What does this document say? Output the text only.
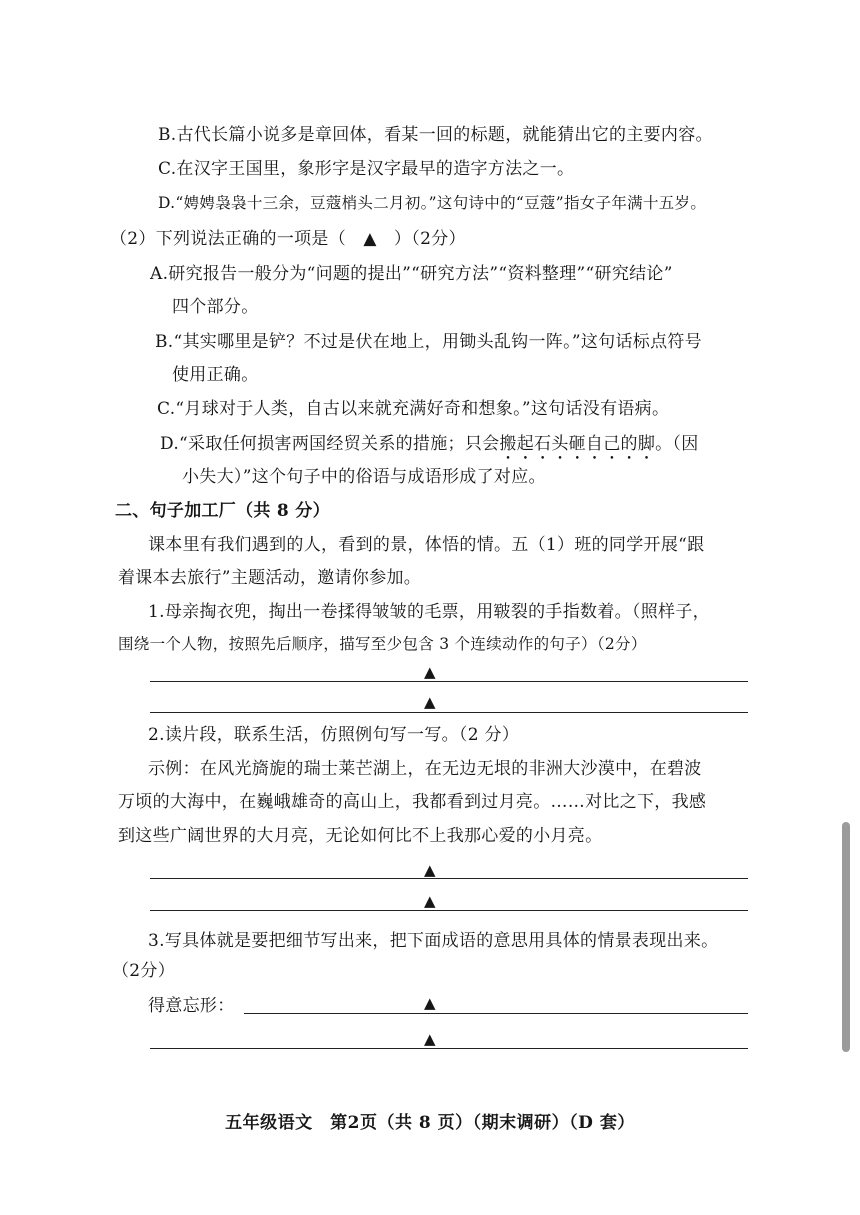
B.古代长篇小说多是章回体，看某一回的标题，就能猜出它的主要内容。
C.在汉字王国里，象形字是汉字最早的造字方法之一。
D.“娉娉袅袅十三余，豆蔻梢头二月初。”这句诗中的“豆蔻”指女子年满十五岁。
（2）下列说法正确的一项是（　▲　）（2分）
A.研究报告一般分为“问题的提出”“研究方法”“资料整理”“研究结论”
四个部分。
B.“其实哪里是铲？不过是伏在地上，用锄头乱钩一阵。”这句话标点符号
使用正确。
C.“月球对于人类，自古以来就充满好奇和想象。”这句话没有语病。
D.“采取任何损害两国经贸关系的措施；只会搬起石头砸自己的脚。（因
小失大）”这个句子中的俗语与成语形成了对应。
二、句子加工厂（共 8 分）
课本里有我们遇到的人，看到的景，体悟的情。五（1）班的同学开展“跟
着课本去旅行”主题活动，邀请你参加。
1.母亲掏衣兜，掏出一卷揉得皱皱的毛票，用皲裂的手指数着。（照样子，
围绕一个人物，按照先后顺序，描写至少包含 3 个连续动作的句子）（2分）
▲
▲
2.读片段，联系生活，仿照例句写一写。（2 分）
示例：在风光旖旎的瑞士莱芒湖上，在无边无垠的非洲大沙漠中，在碧波
万顷的大海中，在巍峨雄奇的高山上，我都看到过月亮。……对比之下，我感
到这些广阔世界的大月亮，无论如何比不上我那心爱的小月亮。
▲
▲
3.写具体就是要把细节写出来，把下面成语的意思用具体的情景表现出来。
（2分）
得意忘形：	▲
▲
五年级语文　第2页（共 8 页）（期末调研）（D 套）
